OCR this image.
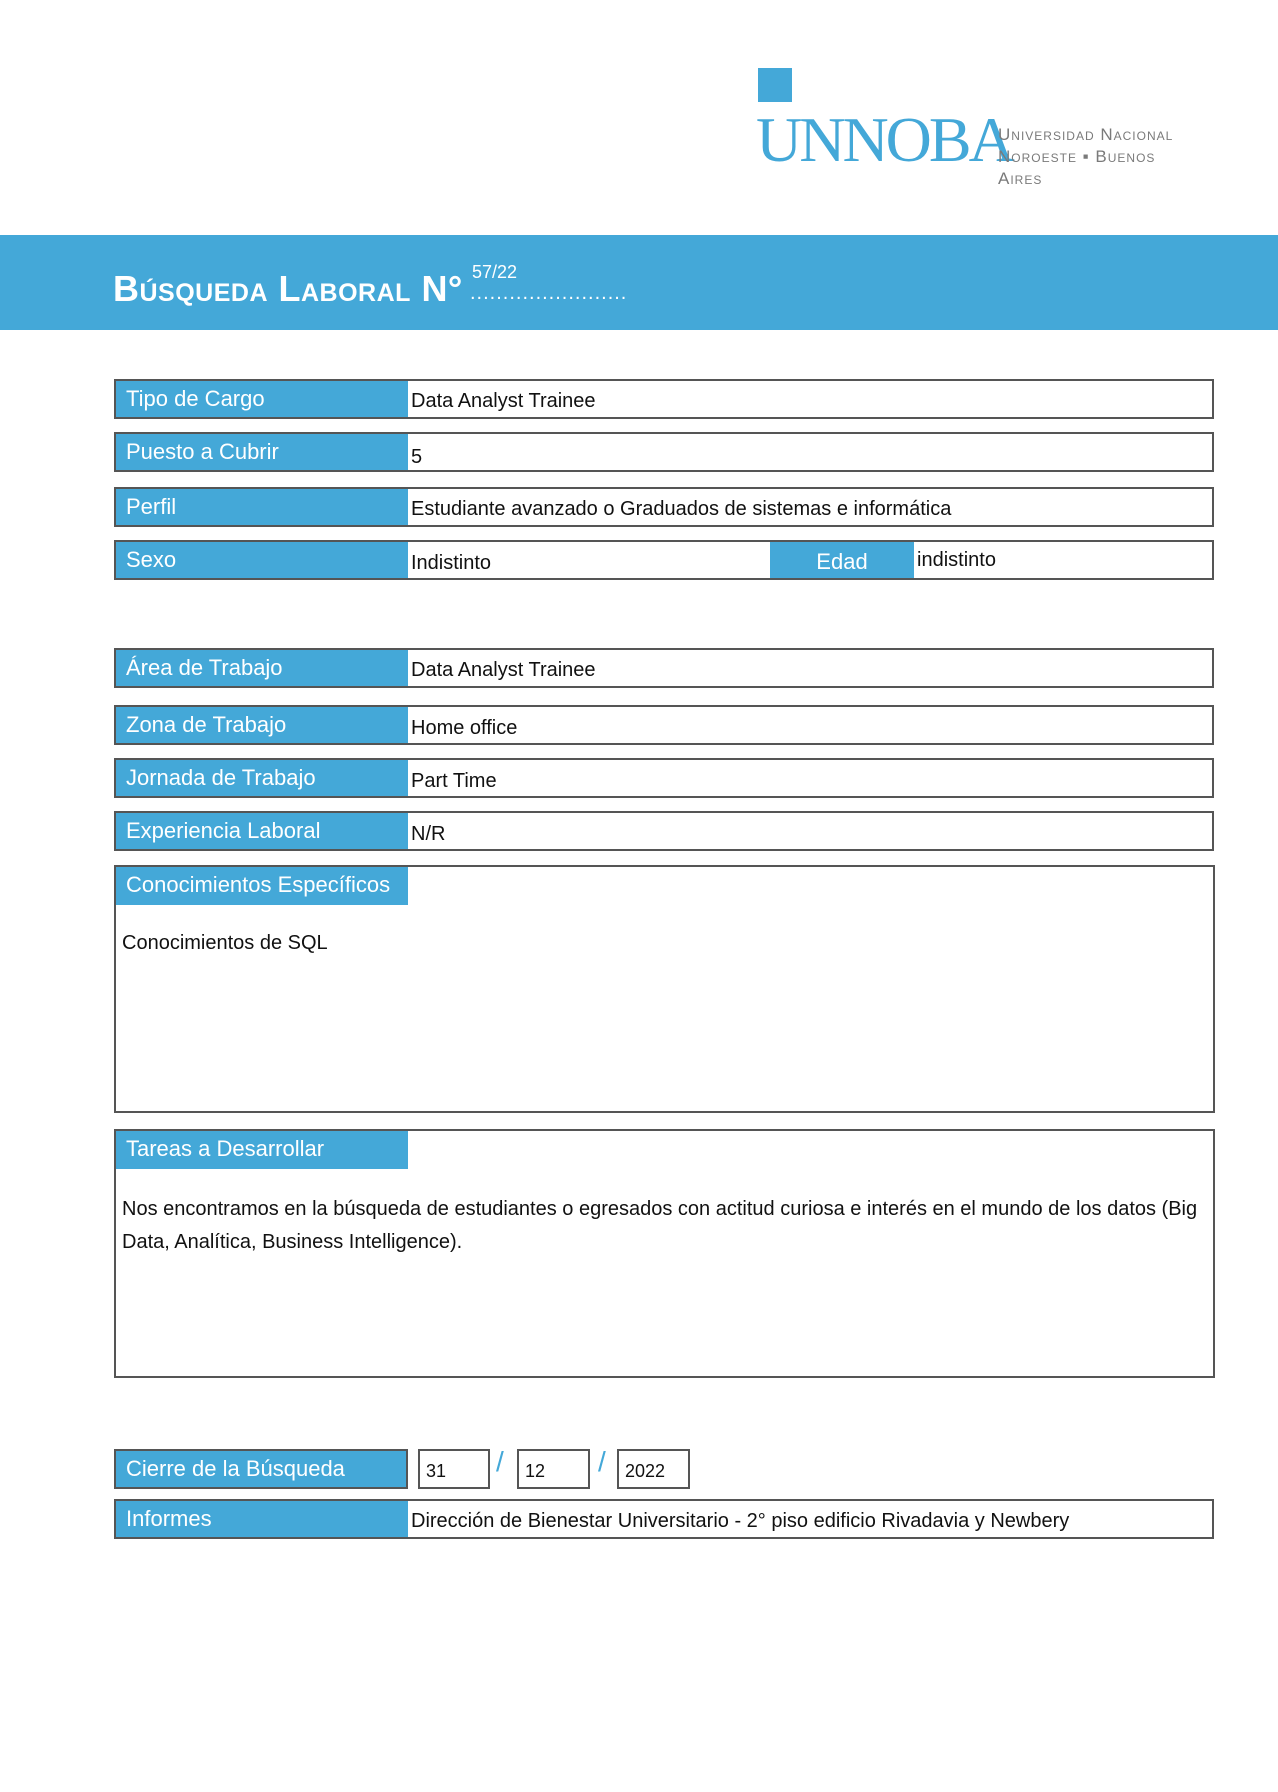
UNNOBA
Universidad Nacional
Noroeste ▪ Buenos Aires
Búsqueda Laboral N° 57/22
........................
Tipo de Cargo	Data Analyst Trainee
Puesto a Cubrir	5
Perfil	Estudiante avanzado o Graduados de sistemas e informática
Sexo	Indistinto	Edad	indistinto
Área de Trabajo	Data Analyst Trainee
Zona de Trabajo	Home office
Jornada de Trabajo	Part Time
Experiencia Laboral	N/R
Conocimientos Específicos
Conocimientos de SQL
Tareas a Desarrollar
Nos encontramos en la búsqueda de estudiantes o egresados con actitud curiosa e interés en el mundo de los datos (Big
Data, Analítica, Business Intelligence).
Cierre de la Búsqueda	31	/	12	/	2022
Informes	Dirección de Bienestar Universitario - 2° piso edificio Rivadavia y Newbery
